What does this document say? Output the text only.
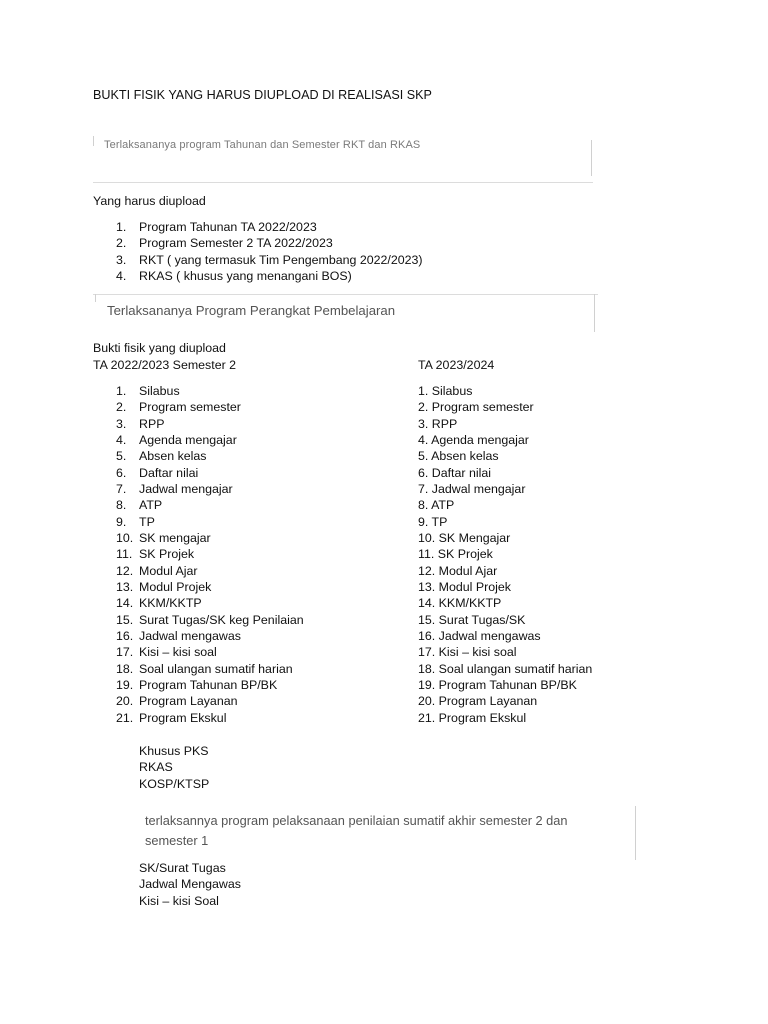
BUKTI FISIK YANG HARUS DIUPLOAD DI REALISASI SKP
Terlaksananya program Tahunan dan Semester RKT dan RKAS
Yang harus diupload
1. Program Tahunan TA 2022/2023
2. Program Semester 2 TA 2022/2023
3. RKT ( yang termasuk Tim Pengembang 2022/2023)
4. RKAS ( khusus yang menangani BOS)
Terlaksananya Program Perangkat Pembelajaran
Bukti fisik yang diupload
TA 2022/2023 Semester 2	TA 2023/2024
1. Silabus
2. Program semester
3. RPP
4. Agenda mengajar
5. Absen kelas
6. Daftar nilai
7. Jadwal mengajar
8. ATP
9. TP
10. SK mengajar
11. SK Projek
12. Modul Ajar
13. Modul Projek
14. KKM/KKTP
15. Surat Tugas/SK keg Penilaian
16. Jadwal mengawas
17. Kisi – kisi soal
18. Soal ulangan sumatif harian
19. Program Tahunan BP/BK
20. Program Layanan
21. Program Ekskul
1. Silabus
2. Program semester
3. RPP
4. Agenda mengajar
5. Absen kelas
6. Daftar nilai
7. Jadwal mengajar
8. ATP
9. TP
10. SK Mengajar
11. SK Projek
12. Modul Ajar
13. Modul Projek
14. KKM/KKTP
15. Surat Tugas/SK
16. Jadwal mengawas
17. Kisi – kisi soal
18. Soal ulangan sumatif harian
19. Program Tahunan BP/BK
20. Program Layanan
21. Program Ekskul
Khusus PKS
RKAS
KOSP/KTSP
terlaksannya program pelaksanaan penilaian sumatif akhir semester 2 dan semester 1
SK/Surat Tugas
Jadwal Mengawas
Kisi – kisi Soal
